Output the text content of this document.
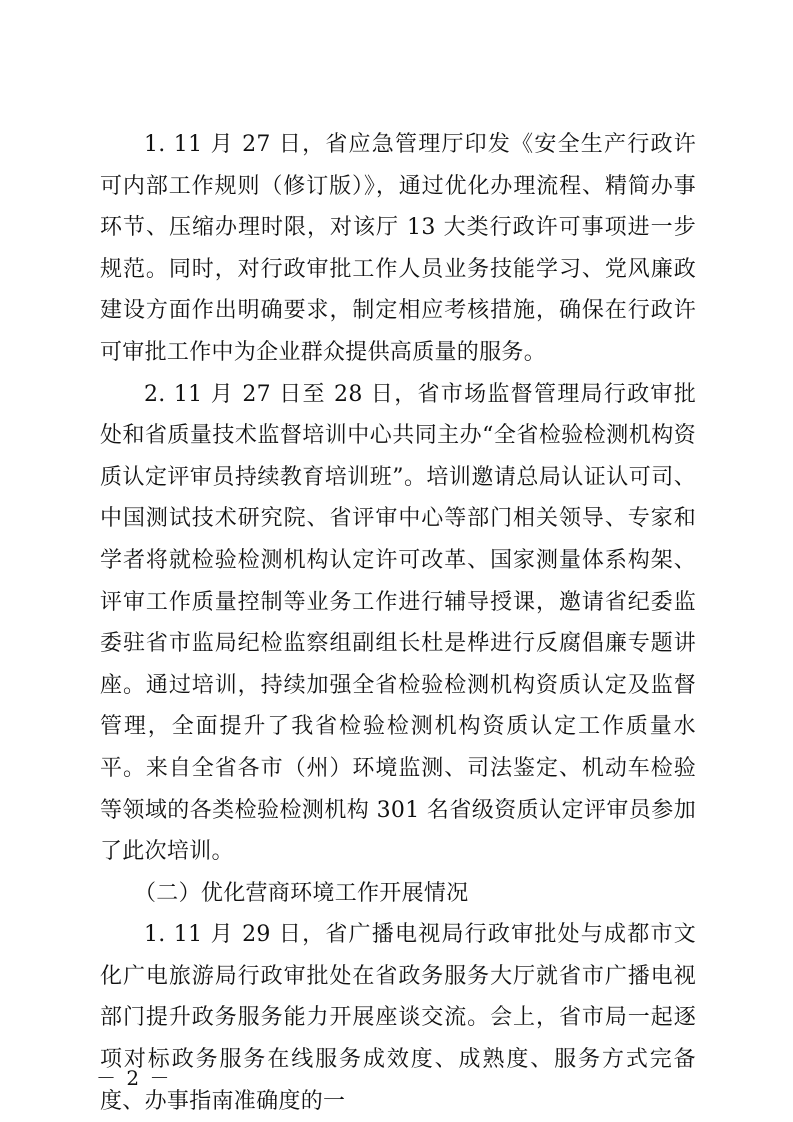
1. 11 月 27 日，省应急管理厅印发《安全生产行政许可内部工作规则（修订版）》，通过优化办理流程、精简办事环节、压缩办理时限，对该厅 13 大类行政许可事项进一步规范。同时，对行政审批工作人员业务技能学习、党风廉政建设方面作出明确要求，制定相应考核措施，确保在行政许可审批工作中为企业群众提供高质量的服务。

2. 11 月 27 日至 28 日，省市场监督管理局行政审批处和省质量技术监督培训中心共同主办“全省检验检测机构资质认定评审员持续教育培训班”。培训邀请总局认证认可司、中国测试技术研究院、省评审中心等部门相关领导、专家和学者将就检验检测机构认定许可改革、国家测量体系构架、评审工作质量控制等业务工作进行辅导授课，邀请省纪委监委驻省市监局纪检监察组副组长杜是桦进行反腐倡廉专题讲座。通过培训，持续加强全省检验检测机构资质认定及监督管理，全面提升了我省检验检测机构资质认定工作质量水平。来自全省各市（州）环境监测、司法鉴定、机动车检验等领域的各类检验检测机构 301 名省级资质认定评审员参加了此次培训。

（二）优化营商环境工作开展情况

1. 11 月 29 日，省广播电视局行政审批处与成都市文化广电旅游局行政审批处在省政务服务大厅就省市广播电视部门提升政务服务能力开展座谈交流。会上，省市局一起逐项对标政务服务在线服务成效度、成熟度、服务方式完备度、办事指南准确度的一

－ 2 －
